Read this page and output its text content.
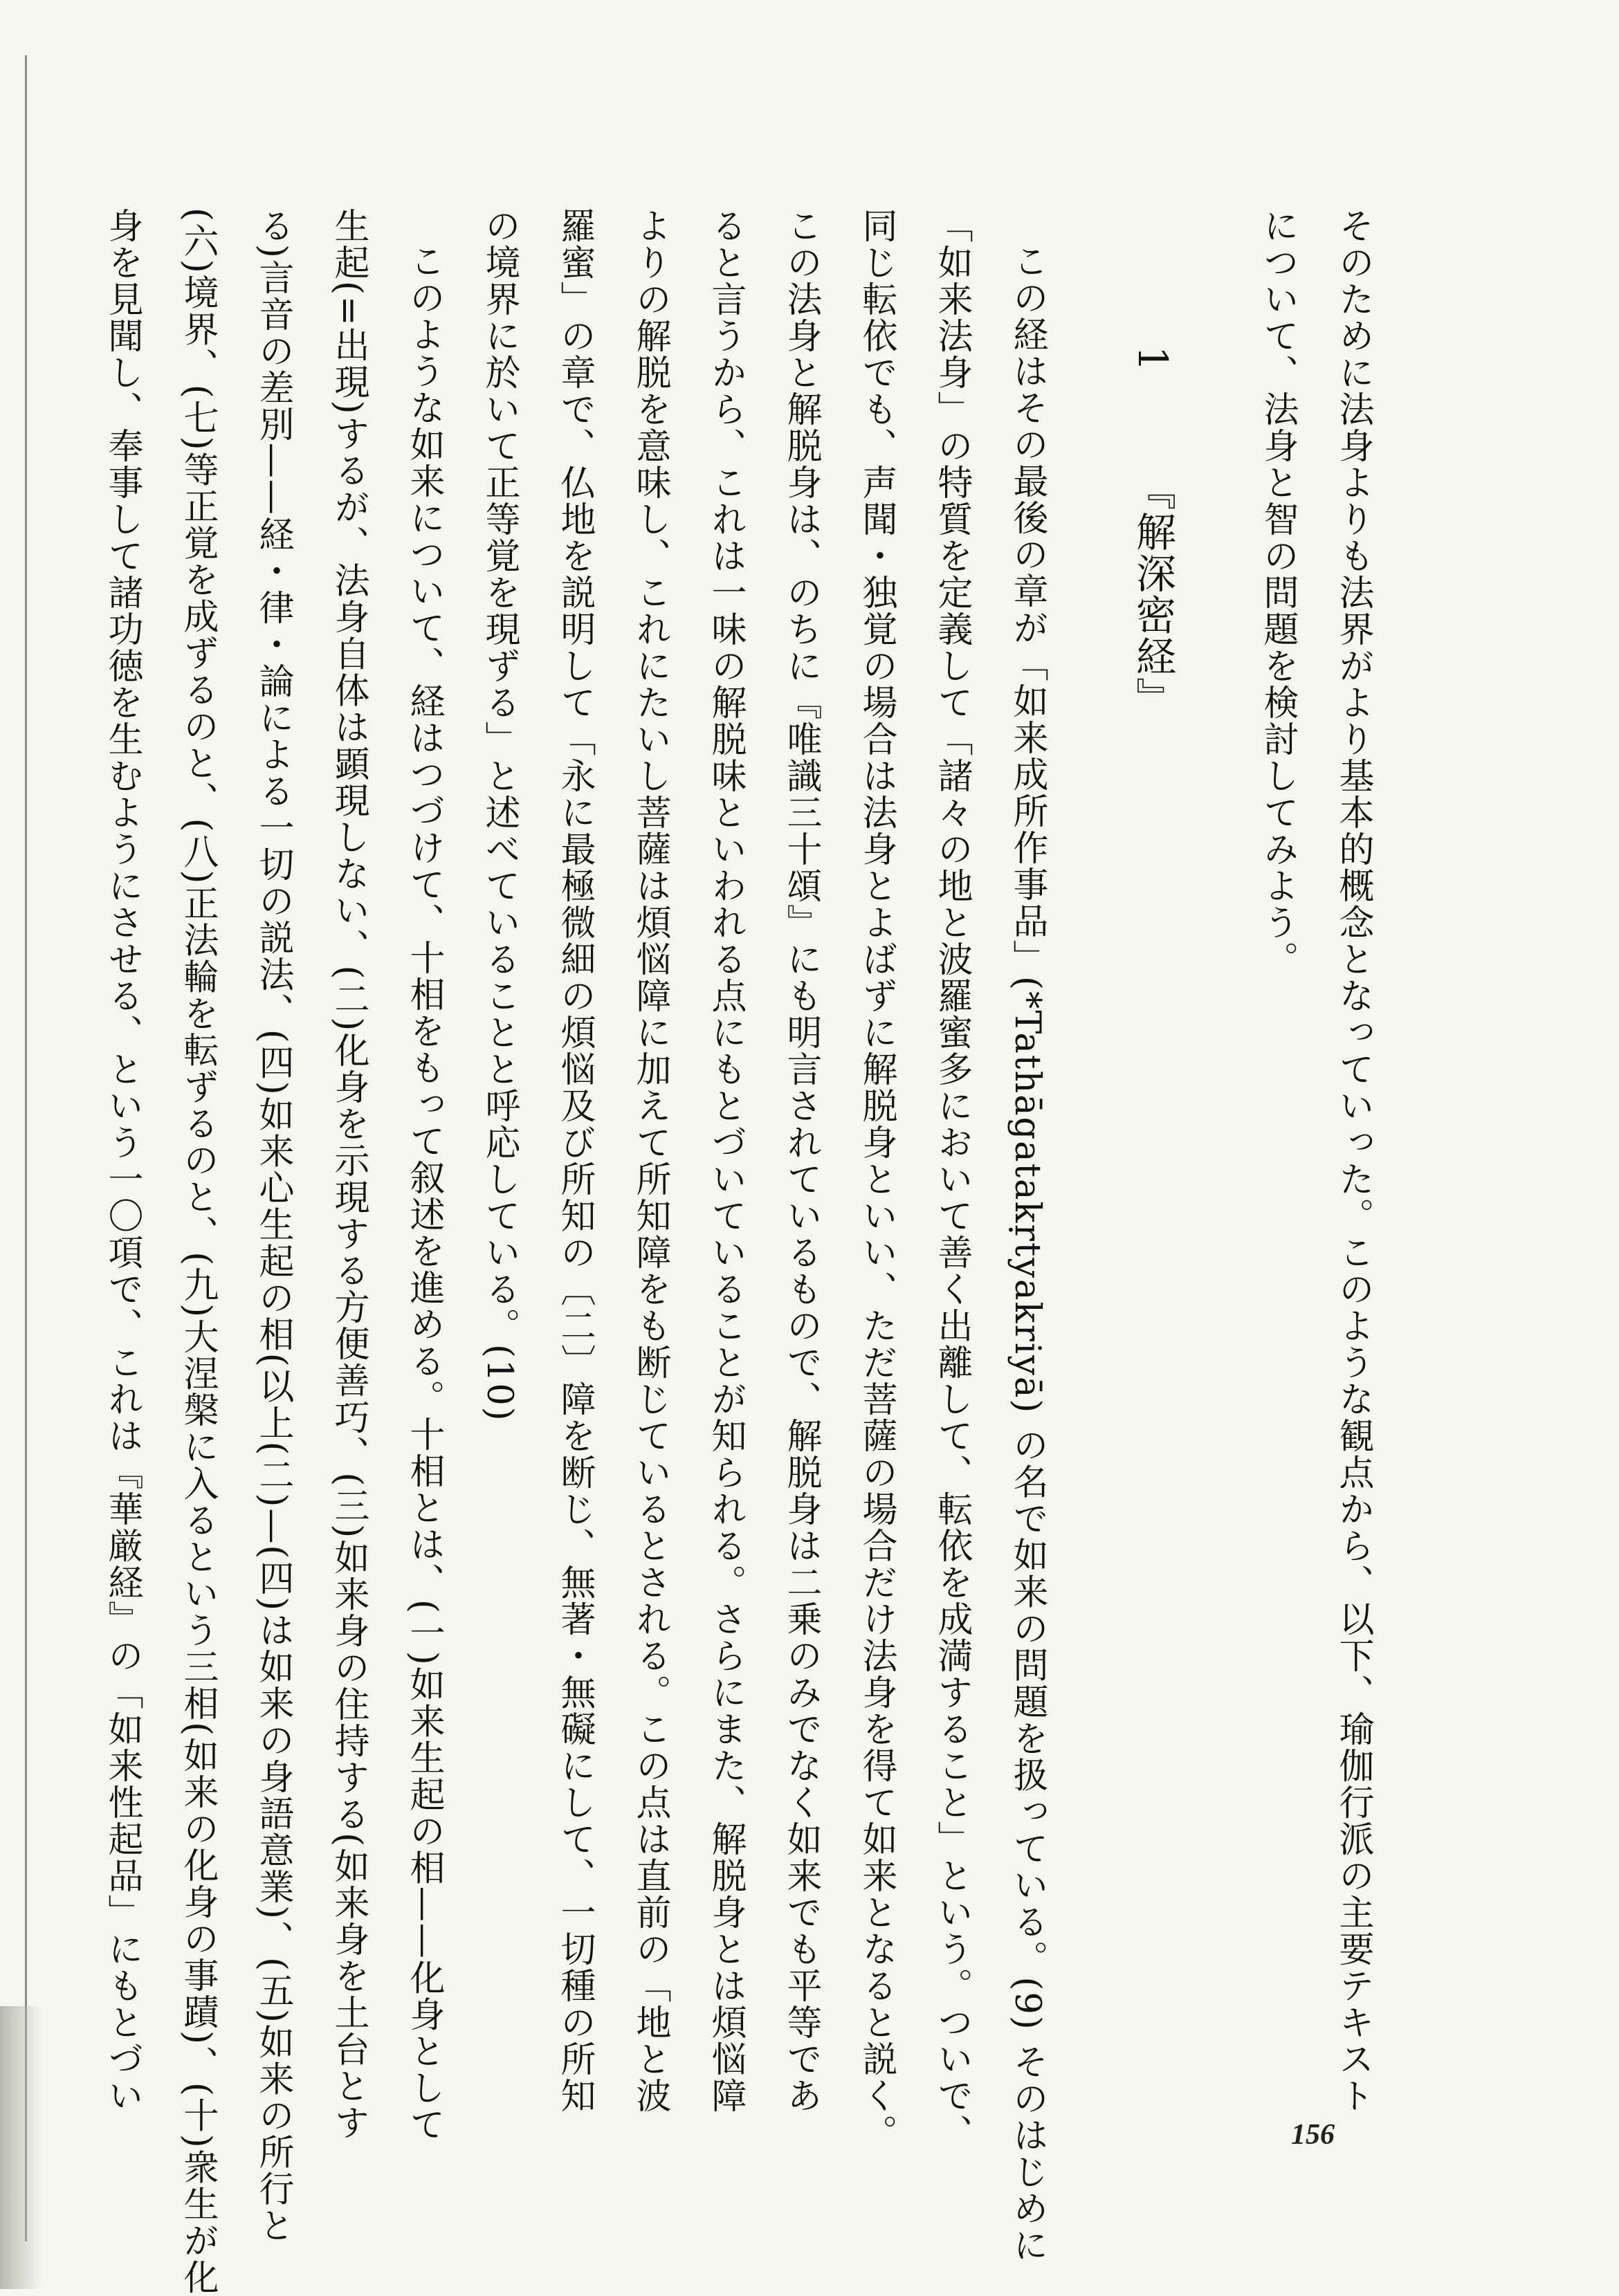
そのために法身よりも法界がより基本的概念となっていった。このような観点から、以下、瑜伽行派の主要テキスト

について、法身と智の問題を検討してみよう。

1 『解深密経』

この経はその最後の章が「如来成所作事品」(*Tathāgatakṛtyakriyā) の名で如来の問題を扱っている。(9) そのはじめに

「如来法身」の特質を定義して「諸々の地と波羅蜜多において善く出離して、転依を成満すること」という。ついで、

同じ転依でも、声聞・独覚の場合は法身とよばずに解脱身といい、ただ菩薩の場合だけ法身を得て如来となると説く。

この法身と解脱身は、のちに『唯識三十頌』にも明言されているもので、解脱身は二乗のみでなく如来でも平等であ

ると言うから、これは一味の解脱味といわれる点にもとづいていることが知られる。さらにまた、解脱身とは煩悩障

よりの解脱を意味し、これにたいし菩薩は煩悩障に加えて所知障をも断じているとされる。この点は直前の「地と波

羅蜜」の章で、仏地を説明して「永に最極微細の煩悩及び所知の〔二〕障を断じ、無著・無礙にして、一切種の所知

の境界に於いて正等覚を現ずる」と述べていることと呼応している。(10)

このような如来について、経はつづけて、十相をもって叙述を進める。十相とは、(一)如来生起の相——化身として

生起(=出現)するが、法身自体は顕現しない、(二)化身を示現する方便善巧、(三)如来身の住持する(如来身を土台とす

る)言音の差別——経・律・論による一切の説法、(四)如来心生起の相(以上(二)—(四)は如来の身語意業)、(五)如来の所行と

(六)境界、(七)等正覚を成ずるのと、(八)正法輪を転ずるのと、(九)大涅槃に入るという三相(如来の化身の事蹟)、(十)衆生が化

身を見聞し、奉事して諸功徳を生むようにさせる、という一〇項で、これは『華厳経』の「如来性起品」にもとづい

156
